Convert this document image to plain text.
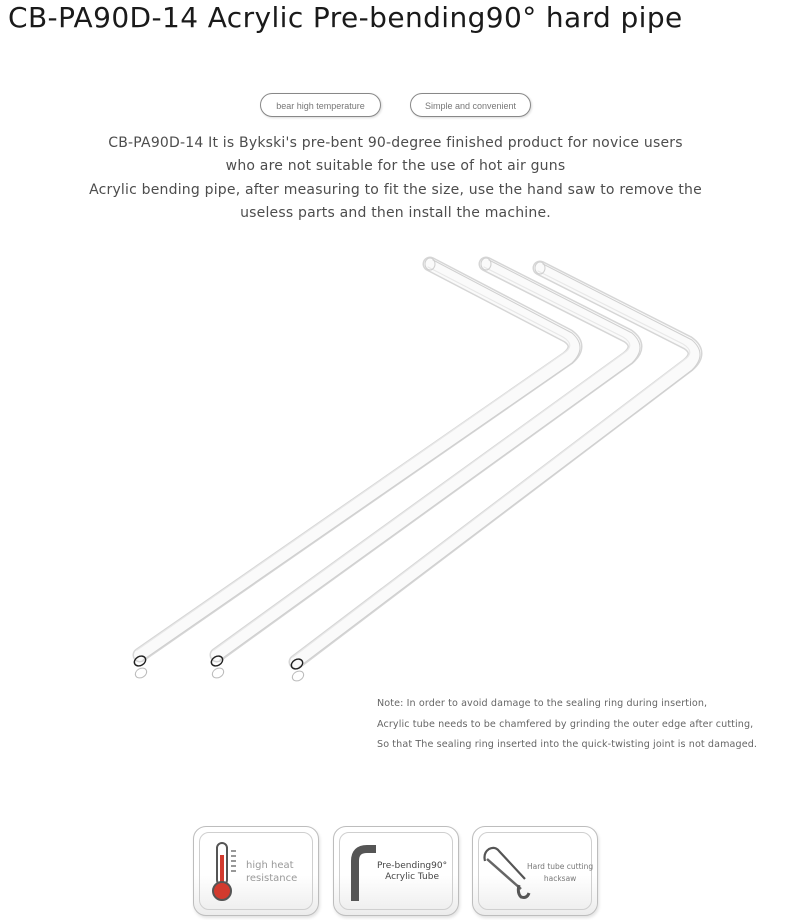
CB-PA90D-14 Acrylic Pre-bending90° hard pipe
bear high temperature	Simple and convenient
CB-PA90D-14 It is Bykski's pre-bent 90-degree finished product for novice users
who are not suitable for the use of hot air guns
Acrylic bending pipe, after measuring to fit the size, use the hand saw to remove the
useless parts and then install the machine.
Note: In order to avoid damage to the sealing ring during insertion,
Acrylic tube needs to be chamfered by grinding the outer edge after cutting,
So that The sealing ring inserted into the quick-twisting joint is not damaged.
high heat
resistance
Pre-bending90°
Acrylic Tube
Hard tube cutting
hacksaw
